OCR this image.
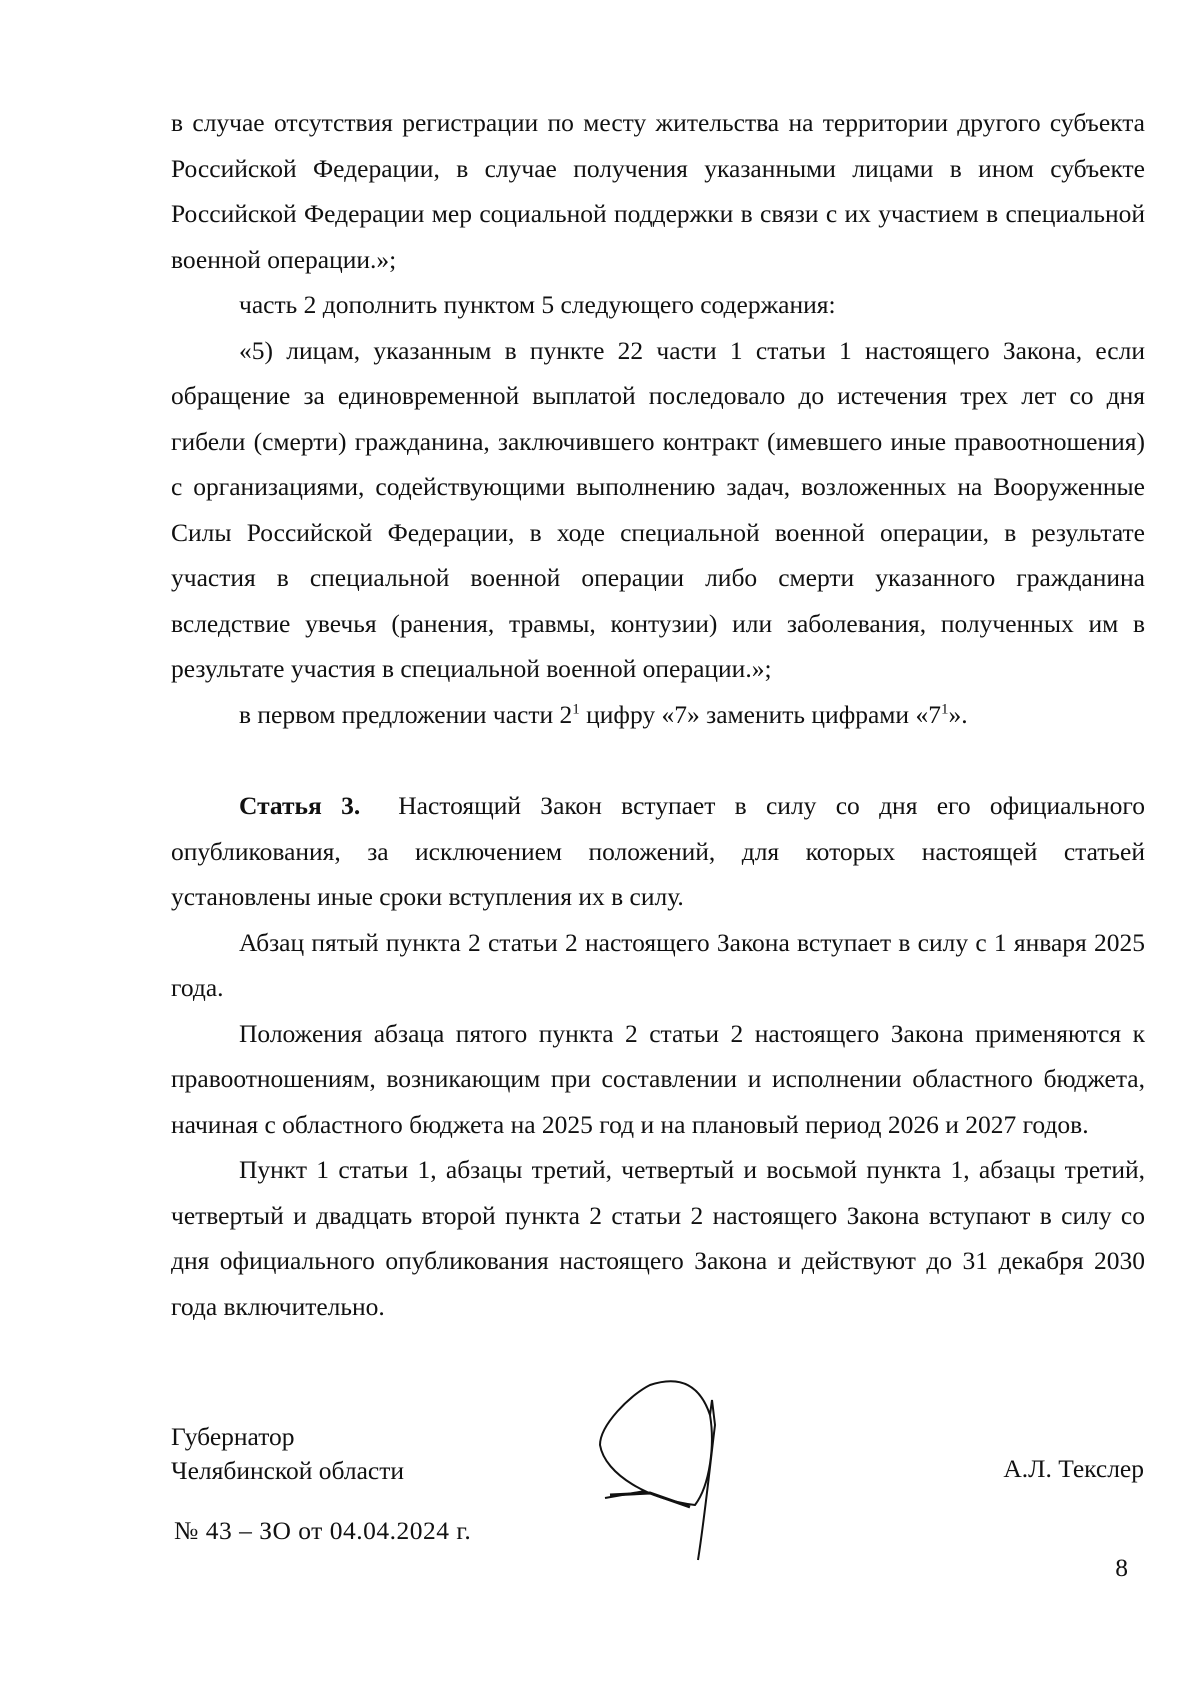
в случае отсутствия регистрации по месту жительства на территории другого субъекта Российской Федерации, в случае получения указанными лицами в ином субъекте Российской Федерации мер социальной поддержки в связи с их участием в специальной военной операции.»;

часть 2 дополнить пунктом 5 следующего содержания:

«5) лицам, указанным в пункте 22 части 1 статьи 1 настоящего Закона, если обращение за единовременной выплатой последовало до истечения трех лет со дня гибели (смерти) гражданина, заключившего контракт (имевшего иные правоотношения) с организациями, содействующими выполнению задач, возложенных на Вооруженные Силы Российской Федерации, в ходе специальной военной операции, в результате участия в специальной военной операции либо смерти указанного гражданина вследствие увечья (ранения, травмы, контузии) или заболевания, полученных им в результате участия в специальной военной операции.»;

в первом предложении части $2^1$ цифру «7» заменить цифрами «$7^1$».

Статья 3. Настоящий Закон вступает в силу со дня его официального опубликования, за исключением положений, для которых настоящей статьей установлены иные сроки вступления их в силу.

Абзац пятый пункта 2 статьи 2 настоящего Закона вступает в силу с 1 января 2025 года.

Положения абзаца пятого пункта 2 статьи 2 настоящего Закона применяются к правоотношениям, возникающим при составлении и исполнении областного бюджета, начиная с областного бюджета на 2025 год и на плановый период 2026 и 2027 годов.

Пункт 1 статьи 1, абзацы третий, четвертый и восьмой пункта 1, абзацы третий, четвертый и двадцать второй пункта 2 статьи 2 настоящего Закона вступают в силу со дня официального опубликования настоящего Закона и действуют до 31 декабря 2030 года включительно.

Губернатор
Челябинской области	А.Л. Текслер
№ 43 – ЗО от 04.04.2024 г.
8
